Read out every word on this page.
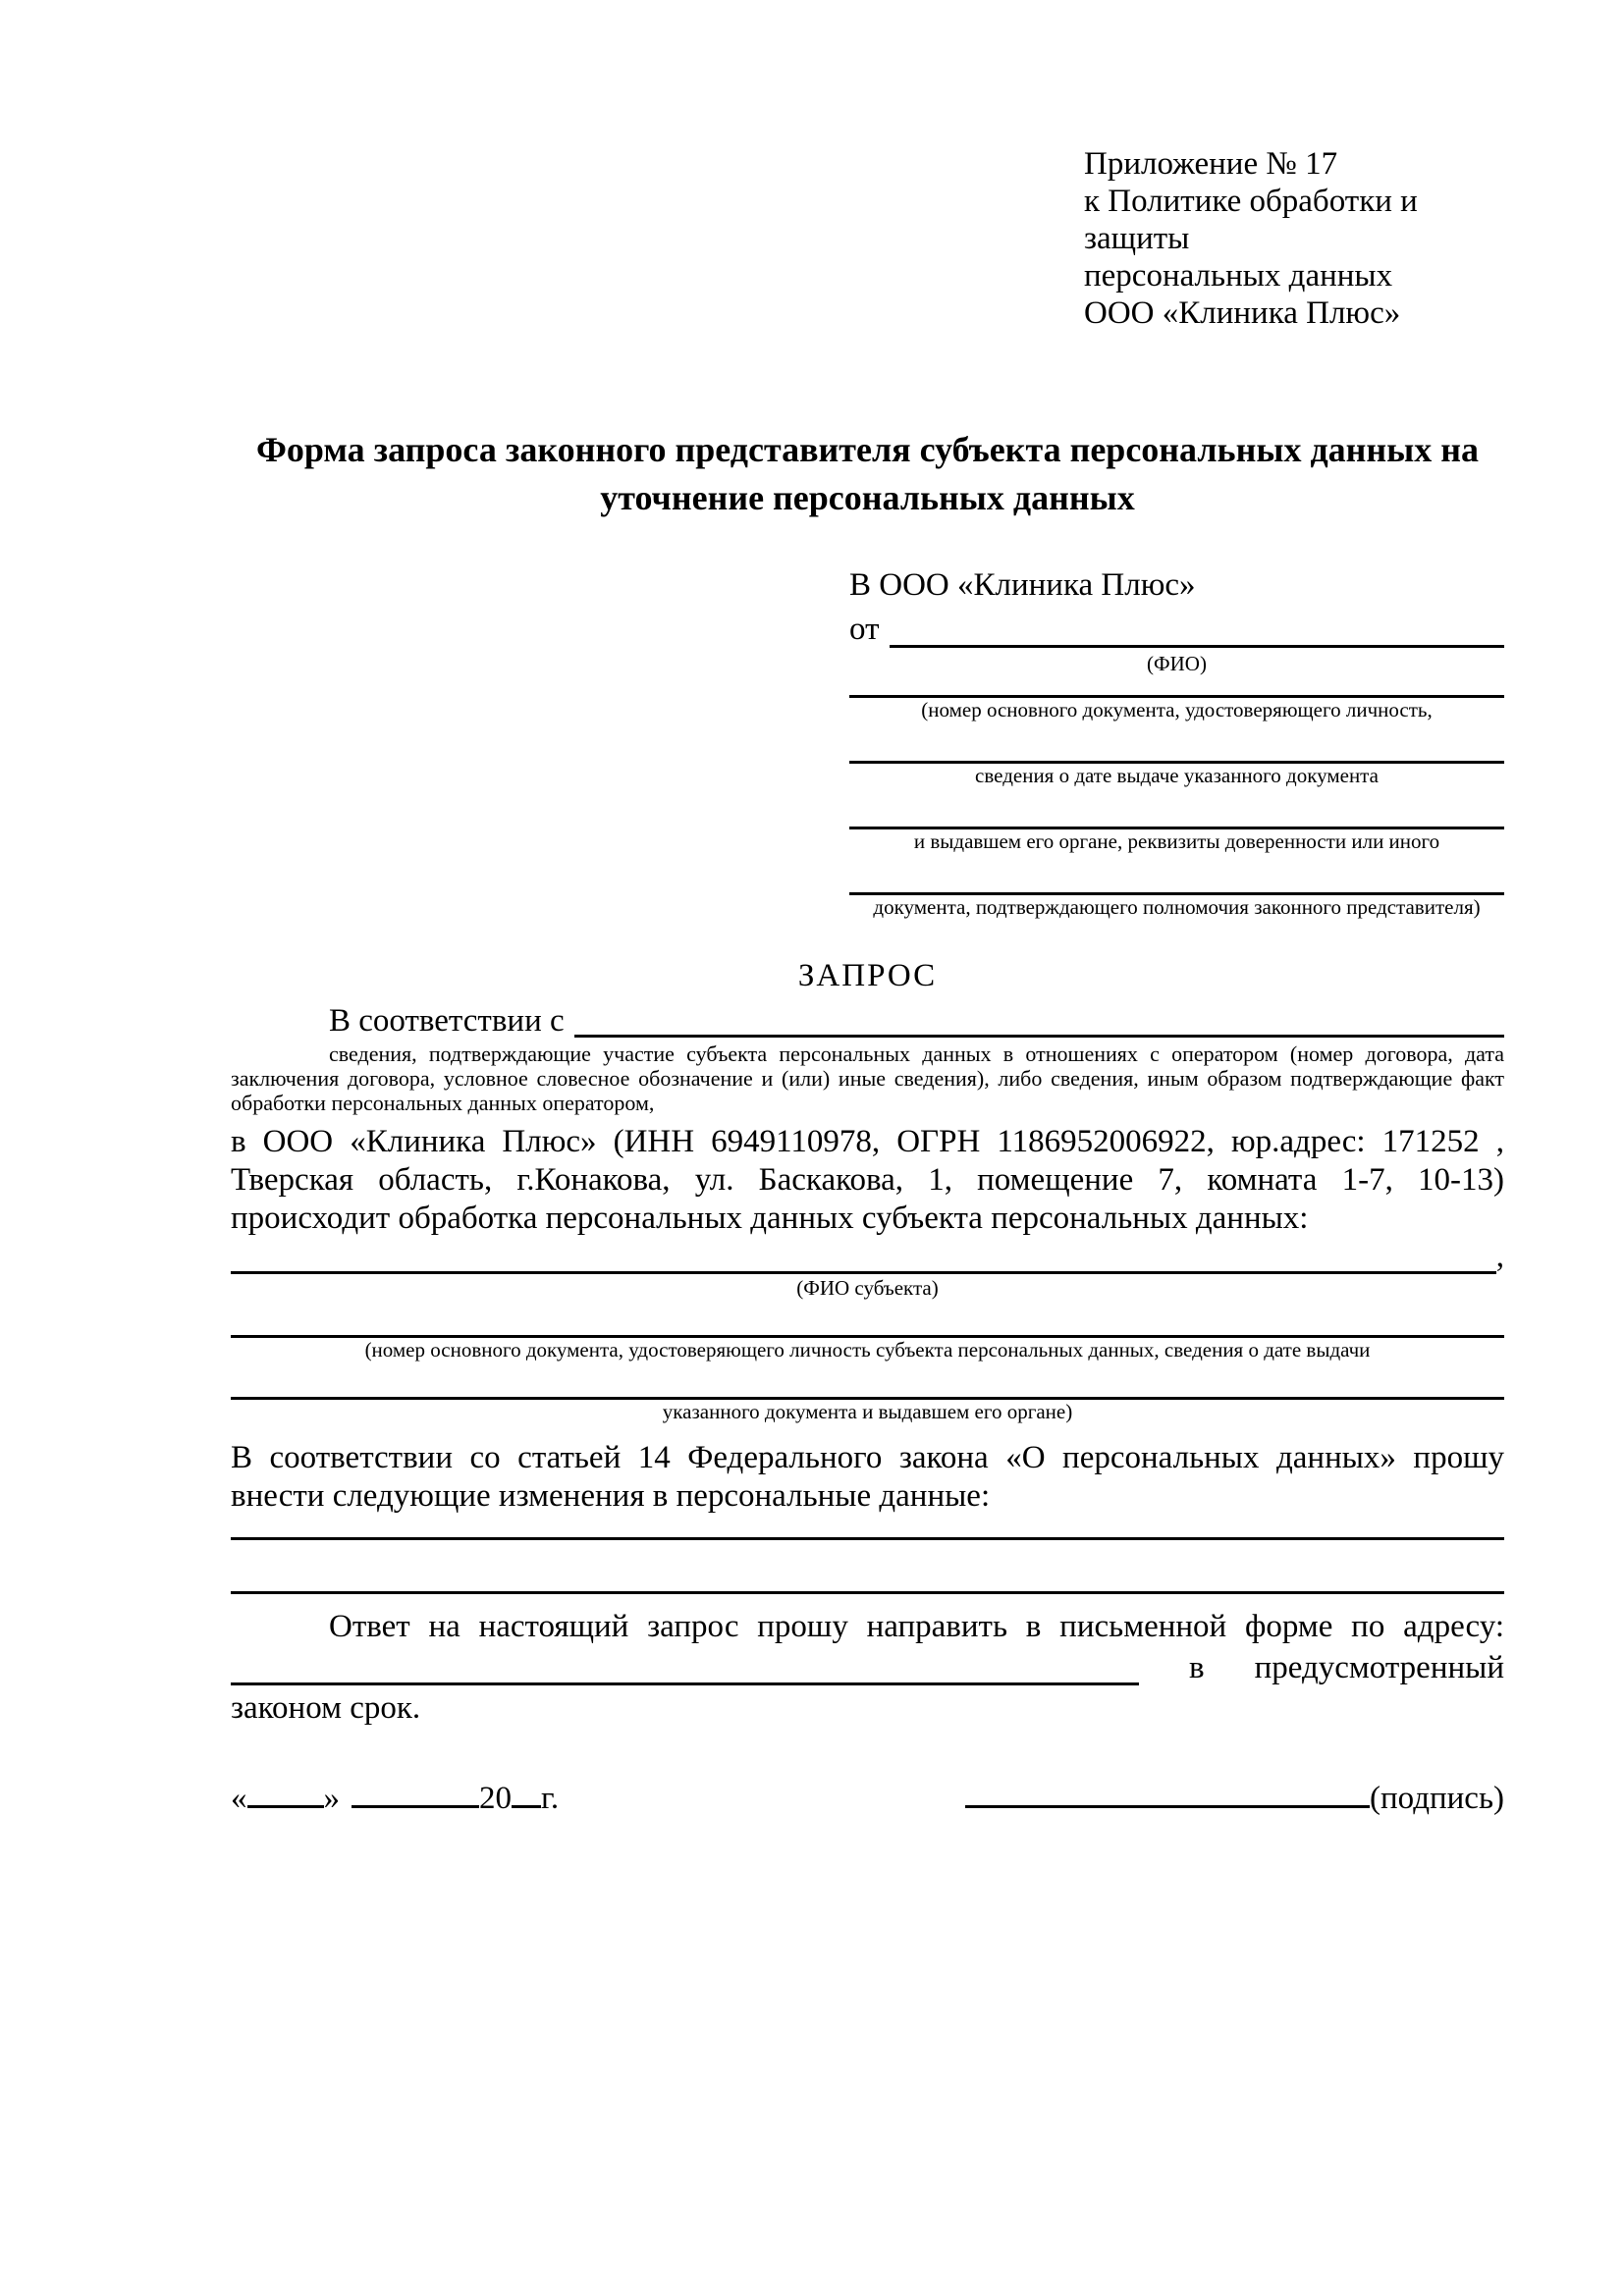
Приложение № 17
к Политике обработки и защиты
персональных данных
ООО «Клиника Плюс»
Форма запроса законного представителя субъекта персональных данных на уточнение персональных данных
В ООО «Клиника Плюс»
от
(ФИО)
(номер основного документа, удостоверяющего личность,
сведения о дате выдаче указанного документа
и выдавшем его органе, реквизиты доверенности или иного
документа, подтверждающего полномочия законного представителя)
ЗАПРОС
В соответствии с
сведения, подтверждающие участие субъекта персональных данных в отношениях с оператором (номер договора, дата заключения договора, условное словесное обозначение и (или) иные сведения), либо сведения, иным образом подтверждающие факт обработки персональных данных оператором,

в ООО «Клиника Плюс» (ИНН 6949110978, ОГРН 1186952006922, юр.адрес: 171252 , Тверская область, г.Конакова, ул. Баскакова, 1, помещение 7, комната 1-7, 10-13) происходит обработка персональных данных субъекта персональных данных:

,
(ФИО субъекта)
(номер основного документа, удостоверяющего личность субъекта персональных данных, сведения о дате выдачи
указанного документа и выдавшем его органе)

В соответствии со статьей 14 Федерального закона «О персональных данных» прошу внести следующие изменения в персональные данные:

Ответ на настоящий запрос прошу направить в письменной форме по адресу:

в предусмотренный

законом срок.

« »	20 г.	(подпись)
